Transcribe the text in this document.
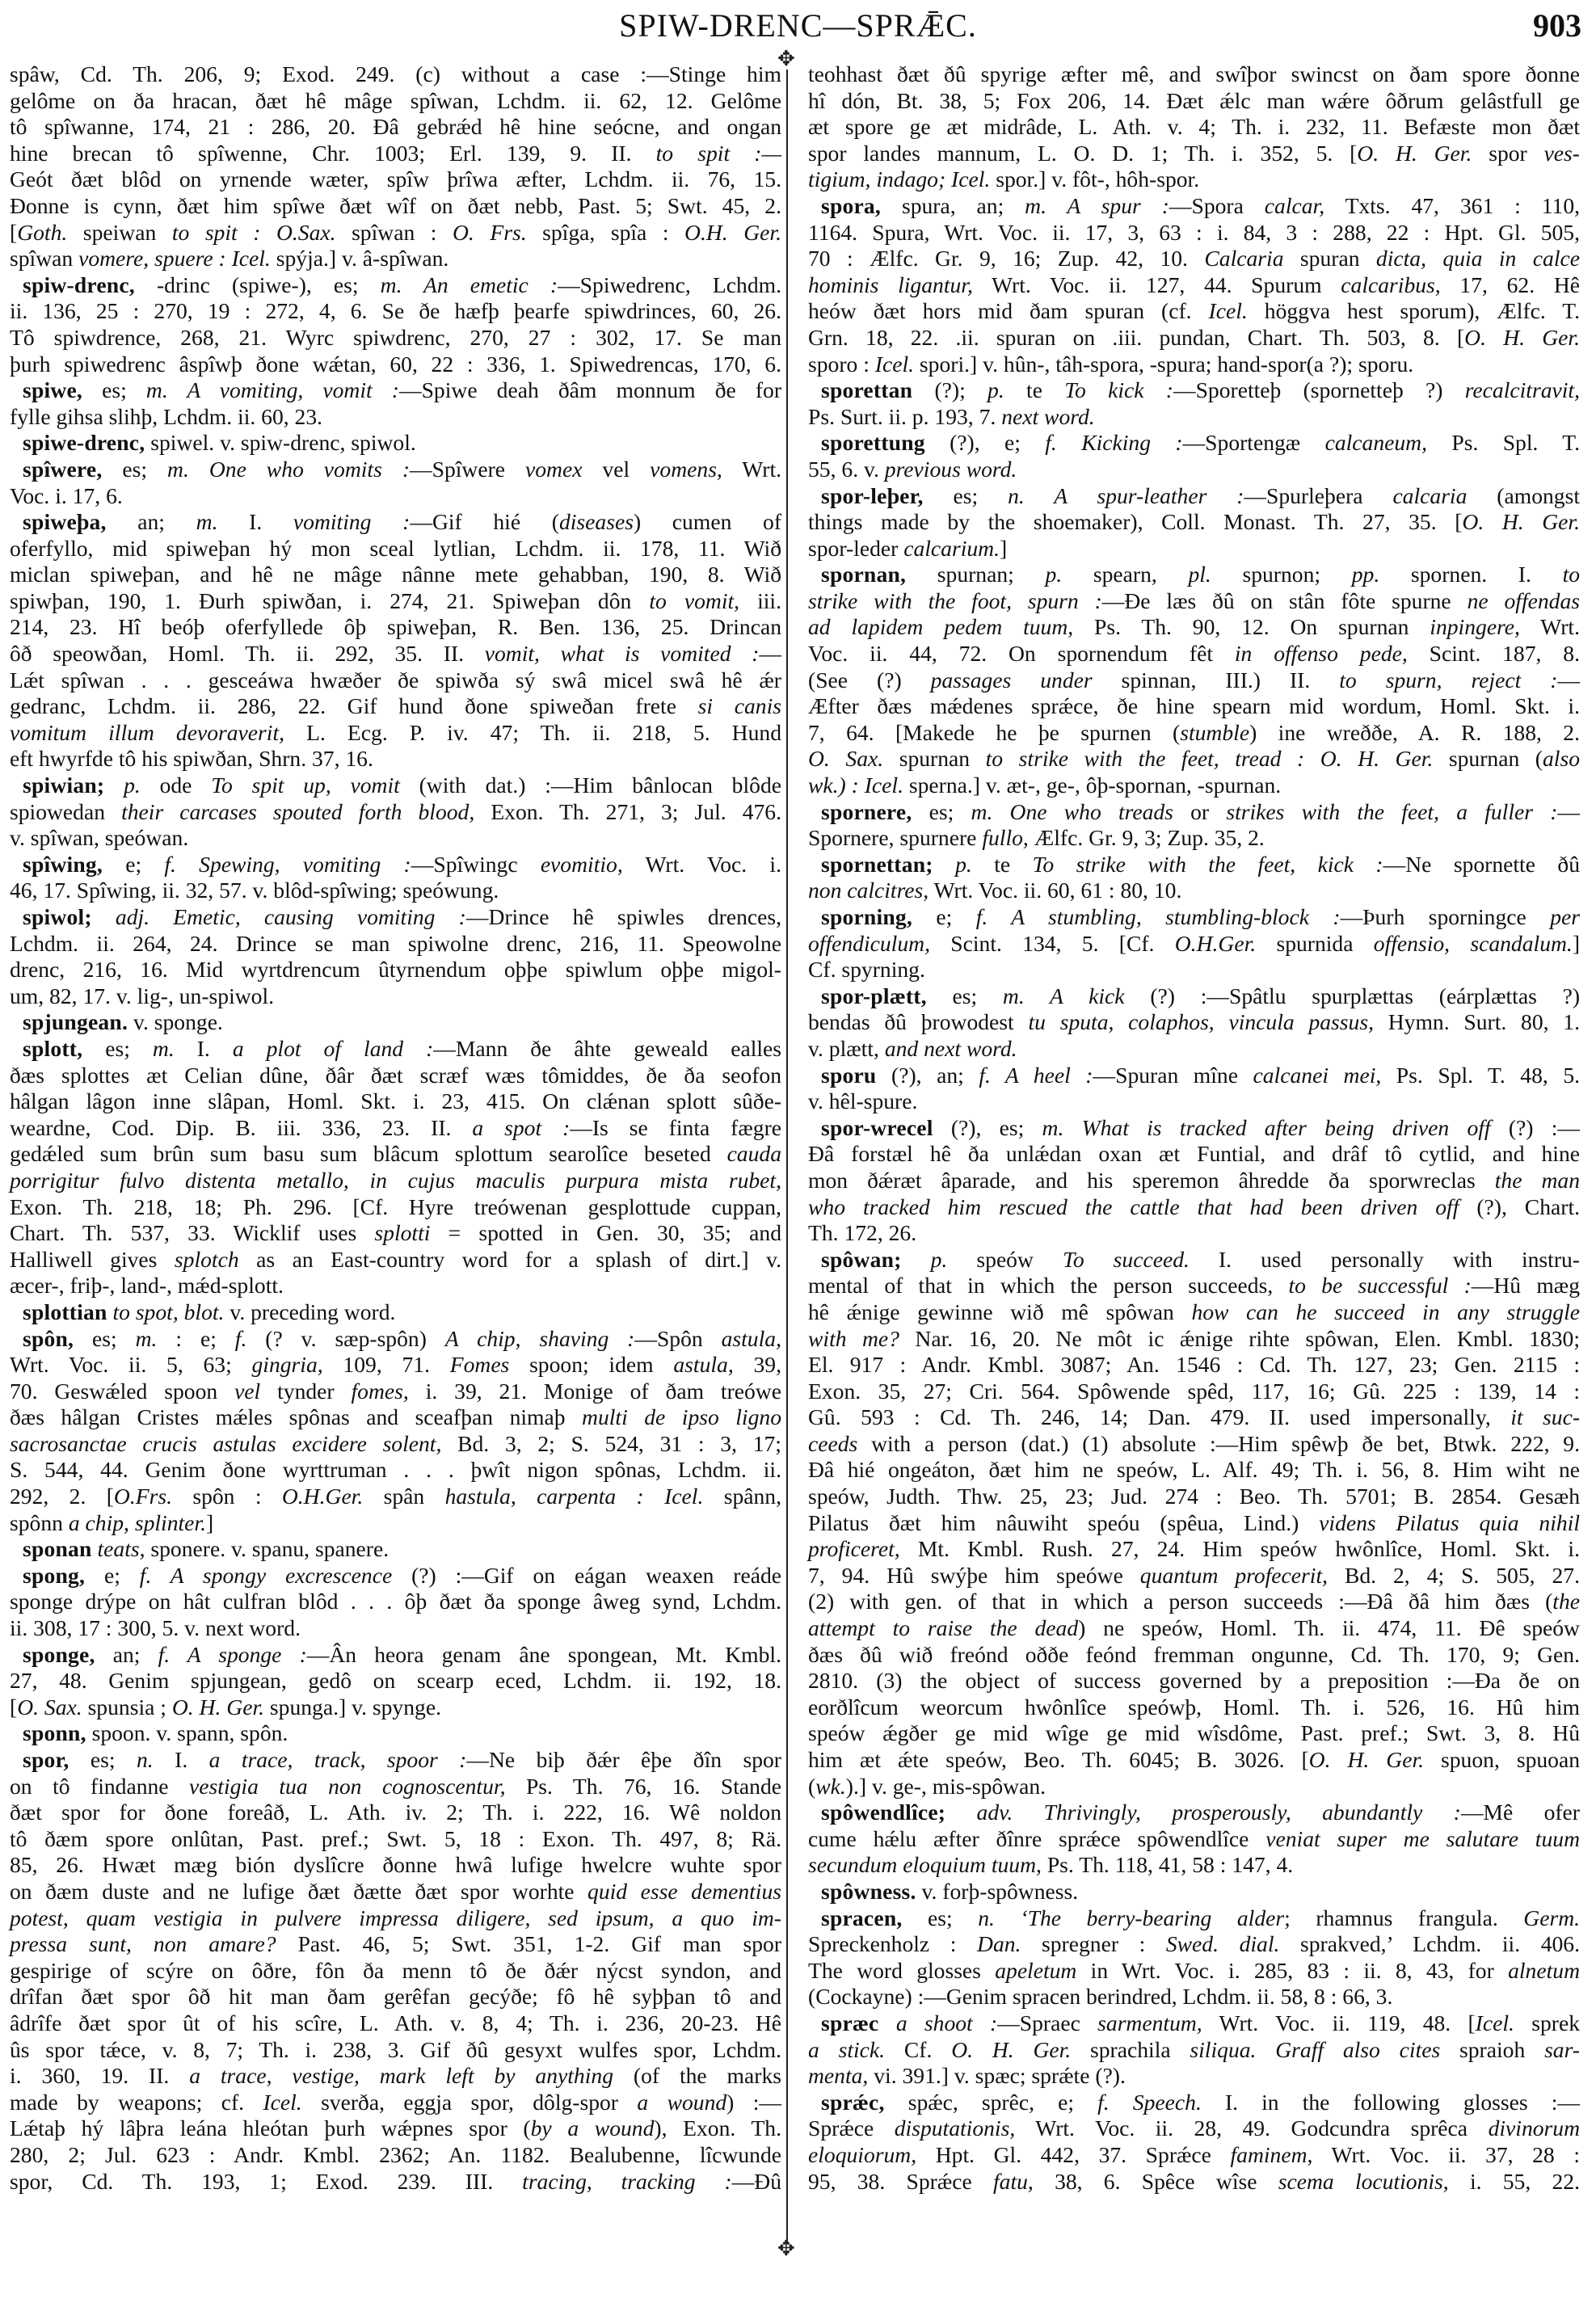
SPIW-DRENC—SPRǢC.	903
✥
✥
spâw, Cd. Th. 206, 9; Exod. 249. (c) without a case :—Stinge him
gelôme on ða hracan, ðæt hê mâge spîwan, Lchdm. ii. 62, 12. Gelôme
tô spîwanne, 174, 21 : 286, 20. Ðâ gebrǽd hê hine seócne, and ongan
hine brecan tô spîwenne, Chr. 1003; Erl. 139, 9. II. to spit :—
Geót ðæt blôd on yrnende wæter, spîw þrîwa æfter, Lchdm. ii. 76, 15.
Ðonne is cynn, ðæt him spîwe ðæt wîf on ðæt nebb, Past. 5; Swt. 45, 2.
[Goth. speiwan to spit : O.Sax. spîwan : O. Frs. spîga, spîa : O.H. Ger.
spîwan vomere, spuere : Icel. spýja.] v. â-spîwan.
spiw-drenc, -drinc (spiwe-), es; m. An emetic :—Spiwedrenc, Lchdm.
ii. 136, 25 : 270, 19 : 272, 4, 6. Se ðe hæfþ þearfe spiwdrinces, 60, 26.
Tô spiwdrence, 268, 21. Wyrc spiwdrenc, 270, 27 : 302, 17. Se man
þurh spiwedrenc âspîwþ ðone wǽtan, 60, 22 : 336, 1. Spiwedrencas, 170, 6.
spiwe, es; m. A vomiting, vomit :—Spiwe deah ðâm monnum ðe for
fylle gihsa slihþ, Lchdm. ii. 60, 23.
spiwe-drenc, spiwel. v. spiw-drenc, spiwol.
spîwere, es; m. One who vomits :—Spîwere vomex vel vomens, Wrt.
Voc. i. 17, 6.
spiweþa, an; m. I. vomiting :—Gif hié (diseases) cumen of
oferfyllo, mid spiweþan hý mon sceal lytlian, Lchdm. ii. 178, 11. Wið
miclan spiweþan, and hê ne mâge nânne mete gehabban, 190, 8. Wið
spiwþan, 190, 1. Ðurh spiwðan, i. 274, 21. Spiweþan dôn to vomit, iii.
214, 23. Hî beóþ oferfyllede ôþ spiweþan, R. Ben. 136, 25. Drincan
ôð speowðan, Homl. Th. ii. 292, 35. II. vomit, what is vomited :—
Lǽt spîwan . . . gesceáwa hwæðer ðe spiwða sý swâ micel swâ hê ǽr
gedranc, Lchdm. ii. 286, 22. Gif hund ðone spiweðan frete si canis
vomitum illum devoraverit, L. Ecg. P. iv. 47; Th. ii. 218, 5. Hund
eft hwyrfde tô his spiwðan, Shrn. 37, 16.
spiwian; p. ode To spit up, vomit (with dat.) :—Him bânlocan blôde
spiowedan their carcases spouted forth blood, Exon. Th. 271, 3; Jul. 476.
v. spîwan, speówan.
spîwing, e; f. Spewing, vomiting :—Spîwingc evomitio, Wrt. Voc. i.
46, 17. Spîwing, ii. 32, 57. v. blôd-spîwing; speówung.
spiwol; adj. Emetic, causing vomiting :—Drince hê spiwles drences,
Lchdm. ii. 264, 24. Drince se man spiwolne drenc, 216, 11. Speowolne
drenc, 216, 16. Mid wyrtdrencum ûtyrnendum oþþe spiwlum oþþe migol-
um, 82, 17. v. lig-, un-spiwol.
spjungean. v. sponge.
splott, es; m. I. a plot of land :—Mann ðe âhte geweald ealles
ðæs splottes æt Celian dûne, ðâr ðæt scræf wæs tômiddes, ðe ða seofon
hâlgan lâgon inne slâpan, Homl. Skt. i. 23, 415. On clǽnan splott sûðe-
weardne, Cod. Dip. B. iii. 336, 23. II. a spot :—Is se finta fægre
gedǽled sum brûn sum basu sum blâcum splottum searolîce beseted cauda
porrigitur fulvo distenta metallo, in cujus maculis purpura mista rubet,
Exon. Th. 218, 18; Ph. 296. [Cf. Hyre treówenan gesplottude cuppan,
Chart. Th. 537, 33. Wicklif uses splotti = spotted in Gen. 30, 35; and
Halliwell gives splotch as an East-country word for a splash of dirt.] v.
æcer-, friþ-, land-, mǽd-splott.
splottian to spot, blot. v. preceding word.
spôn, es; m. : e; f. (? v. sæp-spôn) A chip, shaving :—Spôn astula,
Wrt. Voc. ii. 5, 63; gingria, 109, 71. Fomes spoon; idem astula, 39,
70. Geswǽled spoon vel tynder fomes, i. 39, 21. Monige of ðam treówe
ðæs hâlgan Cristes mǽles spônas and sceafþan nimaþ multi de ipso ligno
sacrosanctae crucis astulas excidere solent, Bd. 3, 2; S. 524, 31 : 3, 17;
S. 544, 44. Genim ðone wyrttruman . . . þwît nigon spônas, Lchdm. ii.
292, 2. [O.Frs. spôn : O.H.Ger. spân hastula, carpenta : Icel. spânn,
spônn a chip, splinter.]
sponan teats, sponere. v. spanu, spanere.
spong, e; f. A spongy excrescence (?) :—Gif on eágan weaxen reáde
sponge drýpe on hât culfran blôd . . . ôþ ðæt ða sponge âweg synd, Lchdm.
ii. 308, 17 : 300, 5. v. next word.
sponge, an; f. A sponge :—Ân heora genam âne spongean, Mt. Kmbl.
27, 48. Genim spjungean, gedô on scearp eced, Lchdm. ii. 192, 18.
[O. Sax. spunsia ; O. H. Ger. spunga.] v. spynge.
sponn, spoon. v. spann, spôn.
spor, es; n. I. a trace, track, spoor :—Ne biþ ðǽr êþe ðîn spor
on tô findanne vestigia tua non cognoscentur, Ps. Th. 76, 16. Stande
ðæt spor for ðone foreâð, L. Ath. iv. 2; Th. i. 222, 16. Wê noldon
tô ðæm spore onlûtan, Past. pref.; Swt. 5, 18 : Exon. Th. 497, 8; Rä.
85, 26. Hwæt mæg bión dyslîcre ðonne hwâ lufige hwelcre wuhte spor
on ðæm duste and ne lufige ðæt ðætte ðæt spor worhte quid esse dementius
potest, quam vestigia in pulvere impressa diligere, sed ipsum, a quo im-
pressa sunt, non amare? Past. 46, 5; Swt. 351, 1-2. Gif man spor
gespirige of scýre on ôðre, fôn ða menn tô ðe ðǽr nýcst syndon, and
drîfan ðæt spor ôð hit man ðam gerêfan gecýðe; fô hê syþþan tô and
âdrîfe ðæt spor ût of his scîre, L. Ath. v. 8, 4; Th. i. 236, 20-23. Hê
ûs spor tǽce, v. 8, 7; Th. i. 238, 3. Gif ðû gesyxt wulfes spor, Lchdm.
i. 360, 19. II. a trace, vestige, mark left by anything (of the marks
made by weapons; cf. Icel. sverða, eggja spor, dôlg-spor a wound) :—
Lǽtaþ hý lâþra leána hleótan þurh wǽpnes spor (by a wound), Exon. Th.
280, 2; Jul. 623 : Andr. Kmbl. 2362; An. 1182. Bealubenne, lîcwunde
spor, Cd. Th. 193, 1; Exod. 239. III. tracing, tracking :—Ðû
teohhast ðæt ðû spyrige æfter mê, and swîþor swincst on ðam spore ðonne
hî dón, Bt. 38, 5; Fox 206, 14. Ðæt ǽlc man wǽre ôðrum gelâstfull ge
æt spore ge æt midrâde, L. Ath. v. 4; Th. i. 232, 11. Befæste mon ðæt
spor landes mannum, L. O. D. 1; Th. i. 352, 5. [O. H. Ger. spor ves-
tigium, indago; Icel. spor.] v. fôt-, hôh-spor.
spora, spura, an; m. A spur :—Spora calcar, Txts. 47, 361 : 110,
1164. Spura, Wrt. Voc. ii. 17, 3, 63 : i. 84, 3 : 288, 22 : Hpt. Gl. 505,
70 : Ælfc. Gr. 9, 16; Zup. 42, 10. Calcaria spuran dicta, quia in calce
hominis ligantur, Wrt. Voc. ii. 127, 44. Spurum calcaribus, 17, 62. Hê
heów ðæt hors mid ðam spuran (cf. Icel. höggva hest sporum), Ælfc. T.
Grn. 18, 22. .ii. spuran on .iii. pundan, Chart. Th. 503, 8. [O. H. Ger.
sporo : Icel. spori.] v. hûn-, tâh-spora, -spura; hand-spor(a ?); sporu.
sporettan (?); p. te To kick :—Sporetteþ (spornetteþ ?) recalcitravit,
Ps. Surt. ii. p. 193, 7. next word.
sporettung (?), e; f. Kicking :—Sportengæ calcaneum, Ps. Spl. T.
55, 6. v. previous word.
spor-leþer, es; n. A spur-leather :—Spurleþera calcaria (amongst
things made by the shoemaker), Coll. Monast. Th. 27, 35. [O. H. Ger.
spor-leder calcarium.]
spornan, spurnan; p. spearn, pl. spurnon; pp. spornen. I. to
strike with the foot, spurn :—Ðe læs ðû on stân fôte spurne ne offendas
ad lapidem pedem tuum, Ps. Th. 90, 12. On spurnan inpingere, Wrt.
Voc. ii. 44, 72. On spornendum fêt in offenso pede, Scint. 187, 8.
(See (?) passages under spinnan, III.) II. to spurn, reject :—
Æfter ðæs mǽdenes sprǽce, ðe hine spearn mid wordum, Homl. Skt. i.
7, 64. [Makede he þe spurnen (stumble) ine wreððe, A. R. 188, 2.
O. Sax. spurnan to strike with the feet, tread : O. H. Ger. spurnan (also
wk.) : Icel. sperna.] v. æt-, ge-, ôþ-spornan, -spurnan.
spornere, es; m. One who treads or strikes with the feet, a fuller :—
Spornere, spurnere fullo, Ælfc. Gr. 9, 3; Zup. 35, 2.
spornettan; p. te To strike with the feet, kick :—Ne spornette ðû
non calcitres, Wrt. Voc. ii. 60, 61 : 80, 10.
sporning, e; f. A stumbling, stumbling-block :—Þurh sporningce per
offendiculum, Scint. 134, 5. [Cf. O.H.Ger. spurnida offensio, scandalum.]
Cf. spyrning.
spor-plætt, es; m. A kick (?) :—Spâtlu spurplættas (eárplættas ?)
bendas ðû þrowodest tu sputa, colaphos, vincula passus, Hymn. Surt. 80, 1.
v. plætt, and next word.
sporu (?), an; f. A heel :—Spuran mîne calcanei mei, Ps. Spl. T. 48, 5.
v. hêl-spure.
spor-wrecel (?), es; m. What is tracked after being driven off (?) :—
Ðâ forstæl hê ða unlǽdan oxan æt Funtial, and drâf tô cytlid, and hine
mon ðǽræt âparade, and his speremon âhredde ða sporwreclas the man
who tracked him rescued the cattle that had been driven off (?), Chart.
Th. 172, 26.
spôwan; p. speów To succeed. I. used personally with instru-
mental of that in which the person succeeds, to be successful :—Hû mæg
hê ǽnige gewinne wið mê spôwan how can he succeed in any struggle
with me? Nar. 16, 20. Ne môt ic ǽnige rihte spôwan, Elen. Kmbl. 1830;
El. 917 : Andr. Kmbl. 3087; An. 1546 : Cd. Th. 127, 23; Gen. 2115 :
Exon. 35, 27; Cri. 564. Spôwende spêd, 117, 16; Gû. 225 : 139, 14 :
Gû. 593 : Cd. Th. 246, 14; Dan. 479. II. used impersonally, it suc-
ceeds with a person (dat.) (1) absolute :—Him spêwþ ðe bet, Btwk. 222, 9.
Ðâ hié ongeáton, ðæt him ne speów, L. Alf. 49; Th. i. 56, 8. Him wiht ne
speów, Judth. Thw. 25, 23; Jud. 274 : Beo. Th. 5701; B. 2854. Gesæh
Pilatus ðæt him nâuwiht speóu (spêua, Lind.) videns Pilatus quia nihil
proficeret, Mt. Kmbl. Rush. 27, 24. Him speów hwônlîce, Homl. Skt. i.
7, 94. Hû swýþe him speówe quantum profecerit, Bd. 2, 4; S. 505, 27.
(2) with gen. of that in which a person succeeds :—Ðâ ðâ him ðæs (the
attempt to raise the dead) ne speów, Homl. Th. ii. 474, 11. Ðê speów
ðæs ðû wið freónd oððe feónd fremman ongunne, Cd. Th. 170, 9; Gen.
2810. (3) the object of success governed by a preposition :—Ða ðe on
eorðlîcum weorcum hwônlîce speówþ, Homl. Th. i. 526, 16. Hû him
speów ǽgðer ge mid wîge ge mid wîsdôme, Past. pref.; Swt. 3, 8. Hû
him æt ǽte speów, Beo. Th. 6045; B. 3026. [O. H. Ger. spuon, spuoan
(wk.).] v. ge-, mis-spôwan.
spôwendlîce; adv. Thrivingly, prosperously, abundantly :—Mê ofer
cume hǽlu æfter ðînre sprǽce spôwendlîce veniat super me salutare tuum
secundum eloquium tuum, Ps. Th. 118, 41, 58 : 147, 4.
spôwness. v. forþ-spôwness.
spracen, es; n. ‘The berry-bearing alder; rhamnus frangula. Germ.
Spreckenholz : Dan. spregner : Swed. dial. sprakved,’ Lchdm. ii. 406.
The word glosses apeletum in Wrt. Voc. i. 285, 83 : ii. 8, 43, for alnetum
(Cockayne) :—Genim spracen berindred, Lchdm. ii. 58, 8 : 66, 3.
spræc a shoot :—Spraec sarmentum, Wrt. Voc. ii. 119, 48. [Icel. sprek
a stick. Cf. O. H. Ger. sprachila siliqua. Graff also cites spraioh sar-
menta, vi. 391.] v. spæc; sprǽte (?).
sprǽc, spǽc, sprêc, e; f. Speech. I. in the following glosses :—
Sprǽce disputationis, Wrt. Voc. ii. 28, 49. Godcundra sprêca divinorum
eloquiorum, Hpt. Gl. 442, 37. Sprǽce faminem, Wrt. Voc. ii. 37, 28 :
95, 38. Sprǽce fatu, 38, 6. Spêce wîse scema locutionis, i. 55, 22.
